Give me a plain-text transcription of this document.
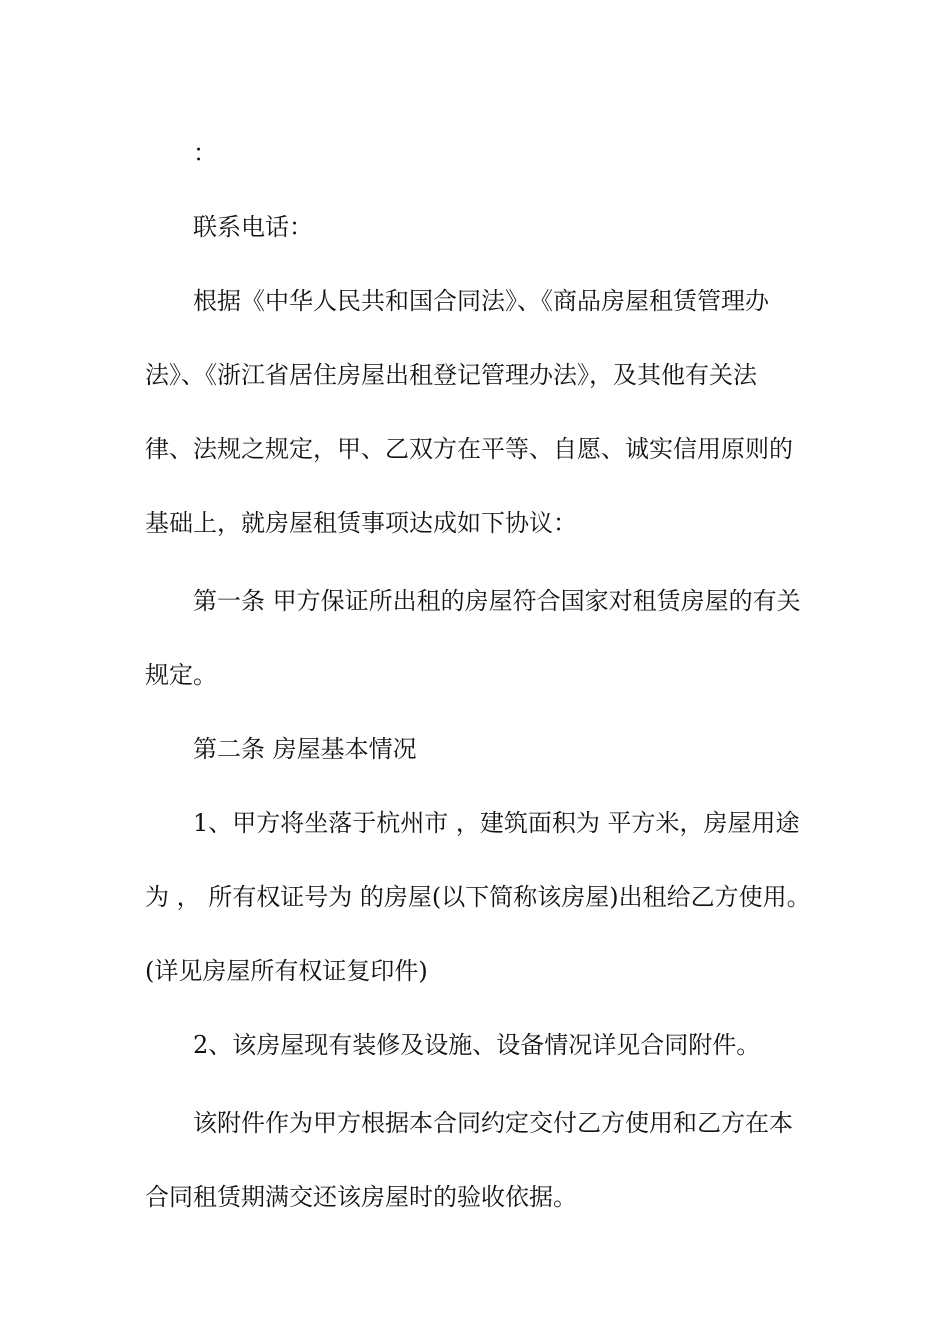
：

联系电话：

根据《中华人民共和国合同法》、《商品房屋租赁管理办

法》、《浙江省居住房屋出租登记管理办法》，及其他有关法

律、法规之规定，甲、乙双方在平等、自愿、诚实信用原则的

基础上，就房屋租赁事项达成如下协议：

第一条 甲方保证所出租的房屋符合国家对租赁房屋的有关

规定。

第二条 房屋基本情况

1、甲方将坐落于杭州市 ，建筑面积为 平方米，房屋用途

为 ， 所有权证号为 的房屋(以下简称该房屋)出租给乙方使用。

(详见房屋所有权证复印件)

2、该房屋现有装修及设施、设备情况详见合同附件。

该附件作为甲方根据本合同约定交付乙方使用和乙方在本

合同租赁期满交还该房屋时的验收依据。
